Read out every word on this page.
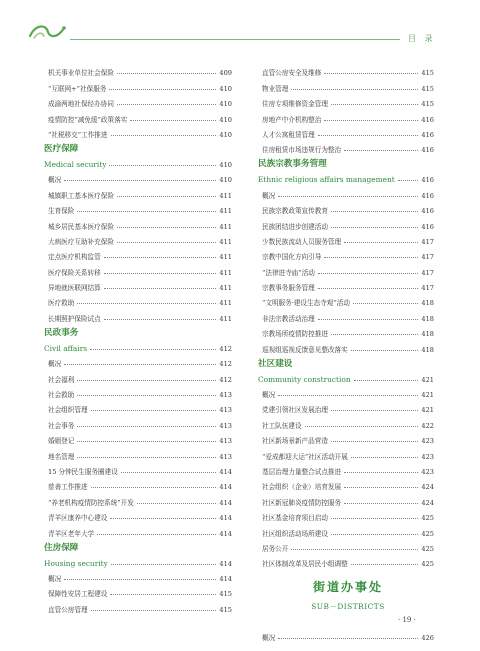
目 录
机关事业单位社会保险	409
“互联网+”社保服务	410
成渝两地社保经办协同	410
疫情防控“减免缓”政策落实	410
“社税移交”工作推进	410
医疗保障
Medical security	410
概况	410
城镇职工基本医疗保险	411
生育保险	411
城乡居民基本医疗保险	411
大病医疗互助补充保险	411
定点医疗机构监管	411
医疗保险关系转移	411
异地就医联网结算	411
医疗救助	411
长期照护保险试点	411
民政事务
Civil affairs	412
概况	412
社会福利	412
社会救助	413
社会组织管理	413
社会事务	413
婚姻登记	413
地名管理	413
15 分钟民生服务圈建设	414
慈善工作推进	414
“养老机构疫情防控系统”开发	414
青羊区康养中心建设	414
青羊区老年大学	414
住房保障
Housing security	414
概况	414
保障性安居工程建设	415
直管公房管理	415
直管公房安全及维修	415
物业管理	415
住房专项维修资金管理	415
房地产中介机构整治	416
人才公寓租赁管理	416
住房租赁市场违规行为整治	416
民族宗教事务管理
Ethnic religious affairs management	416
概况	416
民族宗教政策宣传教育	416
民族团结进步创建活动	416
少数民族流动人员服务管理	417
宗教中国化方向引导	417
“法律进寺庙”活动	417
宗教事务服务管理	417
“文明服务·建设生态寺观”活动	418
非法宗教活动治理	418
宗教场所疫情防控推进	418
巡视组巡视反馈意见整改落实	418
社区建设
Community construction	421
概况	421
党建引领社区发展治理	421
社工队伍建设	422
社区新场景新产品营造	423
“爱成都迎大运”社区活动开展	423
基层治理力量整合试点推进	423
社会组织（企业）培育发展	424
社区新冠肺炎疫情防控服务	424
社区基金培育项目启动	425
社区组织活动场所建设	425
居务公开	425
社区体制改革及居民小组调整	425
街道办事处
SUB－DISTRICTS
概况	426
· 19 ·
